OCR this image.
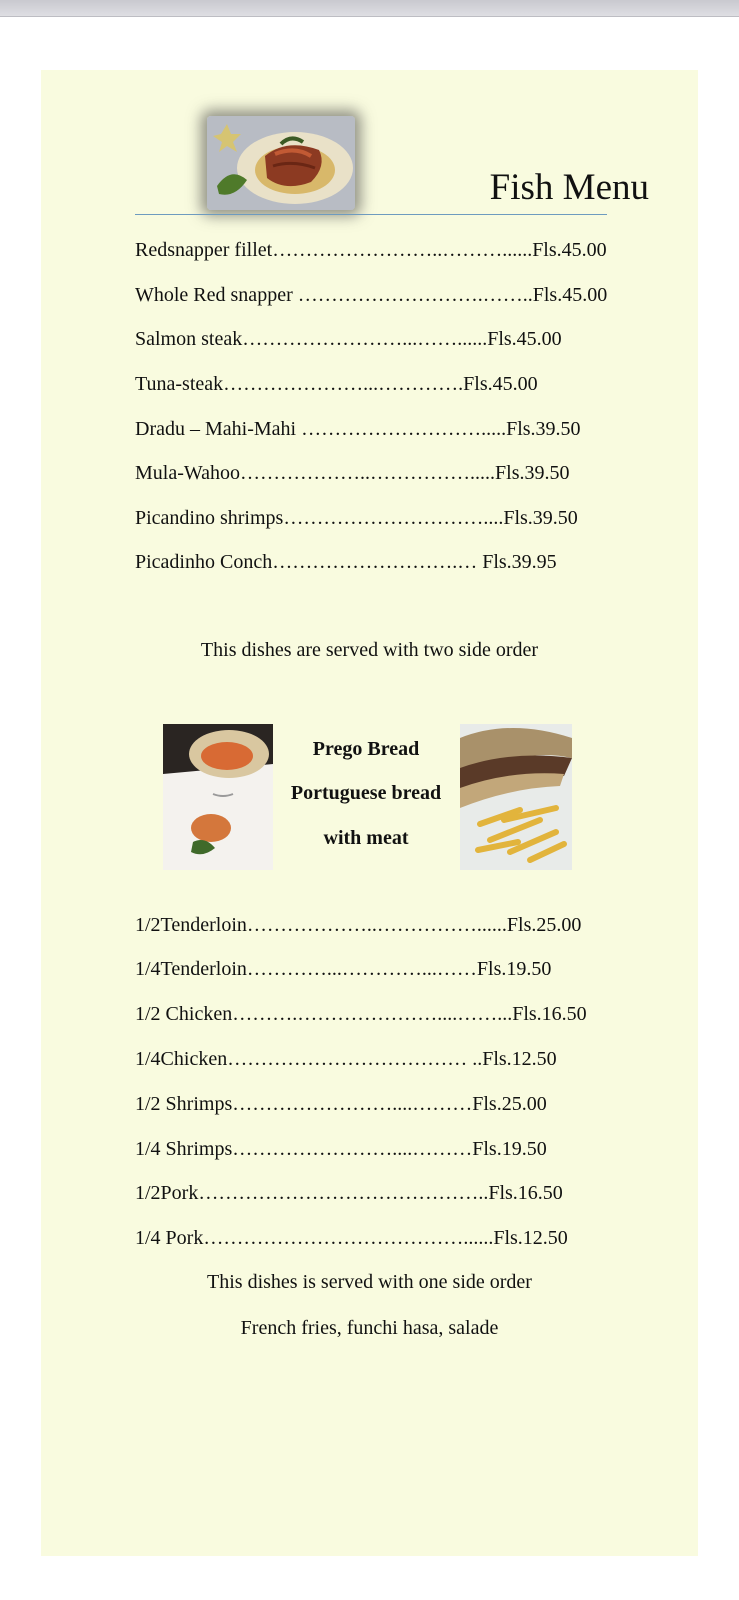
Fish Menu
Redsnapper fillet……………………..………......Fls.45.00
Whole Red snapper ……………………….……..Fls.45.00
Salmon steak……………………...……......Fls.45.00
Tuna-steak…………………...………….Fls.45.00
Dradu – Mahi-Mahi ……………………….....Fls.39.50
Mula-Wahoo………………..…………….....Fls.39.50
Picandino shrimps…………………………....Fls.39.50
Picadinho Conch……………………….… Fls.39.95
This dishes are served with two side order
Prego Bread
Portuguese bread
with meat
1/2Tenderloin………………..……………......Fls.25.00
1/4Tenderloin…………...…………...……Fls.19.50
1/2 Chicken……….…………………....……...Fls.16.50
1/4Chicken……………………………… ..Fls.12.50
1/2 Shrimps……………………....………Fls.25.00
1/4 Shrimps……………………....………Fls.19.50
1/2Pork……………………………………..Fls.16.50
1/4 Pork…………………………………......Fls.12.50
This dishes is served with one side order
French fries, funchi hasa, salade
